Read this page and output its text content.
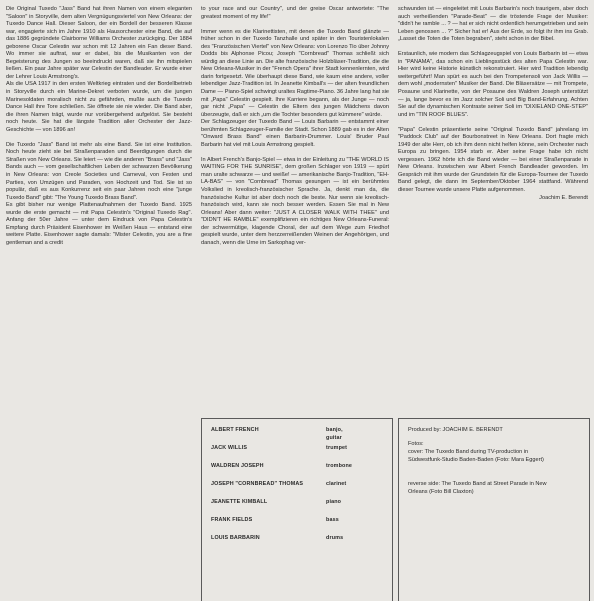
Die Original Tuxedo "Jass" Band hat ihren Namen von einem eleganten "Saloon" in Storyville, dem alten Vergnügungsviertel von New Orleans: der Tuxedo Dance Hall. Dieser Saloon, der ein Bordell der besseren Klasse war, engagierte sich im Jahre 1910 als Hausorchester eine Band, die auf das 1886 gegründete Clairborne Williams Orchester zurückging. Der 1884 geborene Oscar Celestin war schon mit 12 Jahren ein Fan dieser Band. Wo immer sie auftrat, war er dabei, bis die Musikanten von der Begeisterung des Jungen so beeindruckt waren, daß sie ihn mitspielen ließen. Ein paar Jahre später war Celestin der Bandleader. Er wurde einer der Lehrer Louis Armstrong's.

Als die USA 1917 in den ersten Weltkrieg eintraten und der Bordellbetrieb in Storyville durch ein Marine-Dekret verboten wurde, um die jungen Marinesoldaten moralisch nicht zu gefährden, mußte auch die Tuxedo Dance Hall ihre Tore schließen. Sie öffnete sie nie wieder. Die Band aber, die ihren Namen trägt, wurde nur vorübergehend aufgelöst. Sie besteht noch heute. Sie hat die längste Tradition aller Orchester der Jazz-Geschichte — von 1896 an!

Die Tuxedo "Jass" Band ist mehr als eine Band. Sie ist eine Institution. Noch heute zieht sie bei Straßenparaden und Beerdigungen durch die Straßen von New Orleans. Sie leiert — wie die anderen "Brass" und "Jass" Bands auch — vom gesellschaftlichen Leben der schwarzen Bevölkerung in New Orleans: von Creole Societies und Carneval, von Festen und Parties, von Umzügen und Paraden, von Hochzeit und Tod. Sie ist so populär, daß es aus Konkurrenz seit ein paar Jahren noch eine "junge Tuxedo Band" gibt: "The Young Tuxedo Brass Band".

Es gibt bisher nur wenige Plattenaufnahmen der Tuxedo Band. 1925 wurde die erste gemacht — mit Papa Celestin's "Original Tuxedo Rag". Anfang der 50er Jahre — unter dem Eindruck von Papa Celestin's Empfang durch Präsident Eisenhower im Weißen Haus — entstand eine weitere Platte. Eisenhower sagte damals: "Mister Celestin, you are a fine gentleman and a credit

to your race and our Country", und der greise Oscar antwortete: "The greatest moment of my life!"

Immer wenn es die Klarinettisten, mit denen die Tuxedo Band glänzte — früher schon in der Tuxedo Tanzhalle und später in den Touristenlokalen des "Französischen Viertel" von New Orleans: von Lorenzo Tio über Johnny Dodds bis Alphonse Picou; Joseph "Cornbread" Thomas schließt sich würdig an diese Linie an. Die alte französische Holzbläser-Tradition, die die New Orleans-Musiker in der "French Opera" ihrer Stadt kennenlernten, wird darin fortgesetzt. Wie überhaupt diese Band, wie kaum eine andere, voller lebendiger Jazz-Tradition ist. In Jeanette Kimball's — der alten freundlichen Dame — Piano-Spiel schwingt uraltes Ragtime-Piano. 36 Jahre lang hat sie mit „Papa" Celestin gespielt. Ihre Karriere begann, als der Junge — noch gar nicht „Papa" — Celestin die Eltern des jungen Mädchens davon überzeugte, daß er sich „um die Tochter besonders gut kümmere" würde.

Der Schlagzeuger der Tuxedo Band — Louis Barbarin — entstammt einer berühmten Schlagzeuger-Familie der Stadt. Schon 1889 gab es in der Alten "Onward Brass Band" einen Barbarin-Drummer. Louis' Bruder Paul Barbarin hat viel mit Louis Armstrong gespielt.

In Albert French's Banjo-Spiel — etwa in der Einleitung zu "THE WORLD IS WAITING FOR THE SUNRISE", dem großen Schlager von 1919 — spürt man uralte schwarze — und weiße! — amerikanische Banjo-Tradition, "EH-LA-BAS" — von "Cornbread" Thomas gesungen — ist ein berühmtes Volkslied in kreolisch-französischer Sprache. Ja, denkt man da, die französische Kultur ist aber doch noch die beste. Nur wenn sie kreolisch-französisch wird, kann sie noch besser werden. Essen Sie mal in New Orleans! Aber dann weiter: "JUST A CLOSER WALK WITH THEE" und "DIDN'T HE RAMBLE" exemplifizieren ein richtiges New Orleans-Funeral: der schwermütige, klagende Choral, der auf dem Wege zum Friedhof gespielt wurde, unter dem herzzerreißenden Weinen der Angehörigen, und danach, wenn die Urne im Sarkophag ver-

schwunden ist — eingeleitet mit Louis Barbarin's noch traurigem, aber doch auch verheißenden "Parade-Beat" — die tröstende Frage der Musiker: "didn't he ramble ... ? — hat er sich nicht ordentlich herumgetrieben und sein Leben genossen ... ?" Sicher hat er! Aus der Erde, so folgt ihr ihm ins Grab. „Lasset die Toten die Toten begraben", steht schon in der Bibel.

Erstaunlich, wie modern das Schlagzeugspiel von Louis Barbarin ist — etwa in "PANAMA", das schon ein Lieblingsstück des alten Papa Celestin war. Hier wird keine Historie künstlich rekonstruiert. Hier wird Tradition lebendig weitergeführt! Man spürt es auch bei den Trompetensoli von Jack Willis — dem wohl „modernsten" Musiker der Band. Die Bläsersätze — mit Trompete, Posaune und Klarinette, von der Posaune des Waldren Joseph unterstützt — ja, lange bevor es im Jazz solcher Soli und Big Band-Erfahrung. Achten Sie auf die dynamischen Kontraste seiner Soli im "DIXIELAND ONE-STEP" und im "TIN ROOF BLUES".

"Papa" Celestin präsentierte seine "Original Tuxedo Band" jahrelang im "Paddock Club" auf der Bourbonstreet in New Orleans. Dort fragte mich 1949 der alte Herr, ob ich ihm denn nicht helfen könne, sein Orchester nach Europa zu bringen. 1954 starb er. Aber seine Frage habe ich nicht vergessen. 1962 hörte ich die Band wieder — bei einer Straßenparade in New Orleans. Inzwischen war Albert French Bandleader geworden. Im Gespräch mit ihm wurde der Grundstein für die Europa-Tournee der Tuxedo Band gelegt, die dann im September/Oktober 1964 stattfand. Während dieser Tournee wurde unsere Platte aufgenommen.

Joachim E. Berendt

ALBERT FRENCH	banjo, guitar
JACK WILLIS	trumpet
WALDREN JOSEPH	trombone
JOSEPH "CORNBREAD" THOMAS	clarinet
JEANETTE KIMBALL	piano
FRANK FIELDS	bass
LOUIS BARBARIN	drums
Produced by: JOACHIM E. BERENDT
Fotos:
cover: The Tuxedo Band during TV-production in Südwestfunk-Studio Baden-Baden (Foto: Mara Eggert)
reverse side: The Tuxedo Band at Street Parade in New Orleans (Foto Bill Claxton)
